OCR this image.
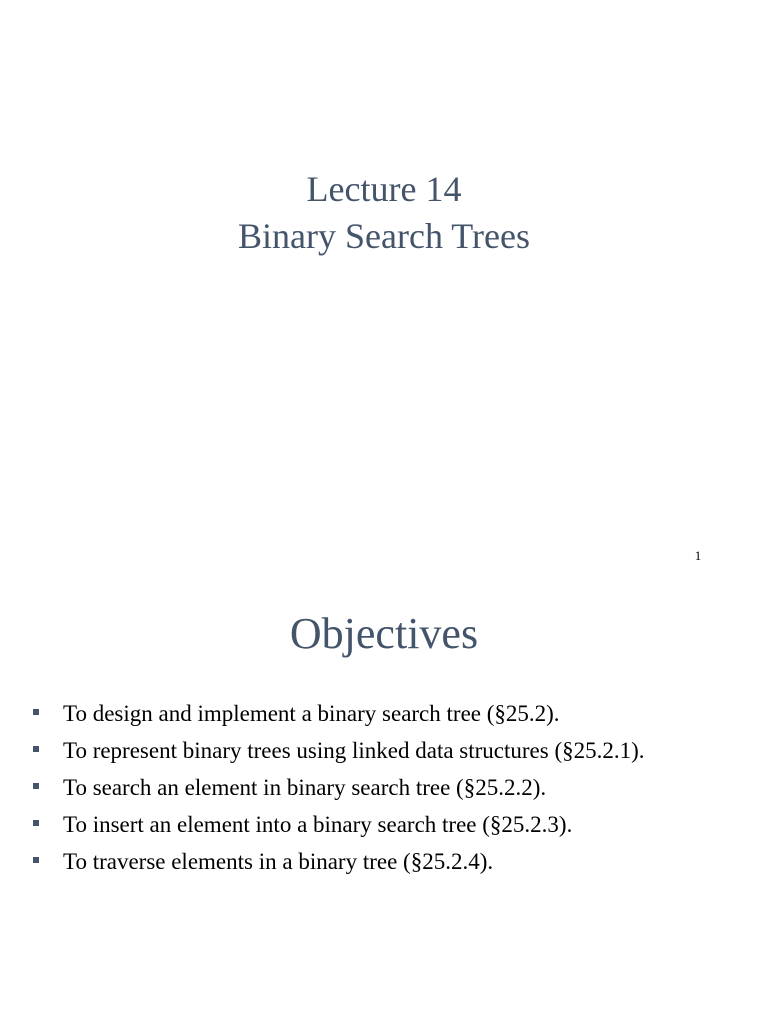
Lecture 14
Binary Search Trees
1
Objectives
To design and implement a binary search tree (§25.2).
To represent binary trees using linked data structures (§25.2.1).
To search an element in binary search tree (§25.2.2).
To insert an element into a binary search tree (§25.2.3).
To traverse elements in a binary tree (§25.2.4).
